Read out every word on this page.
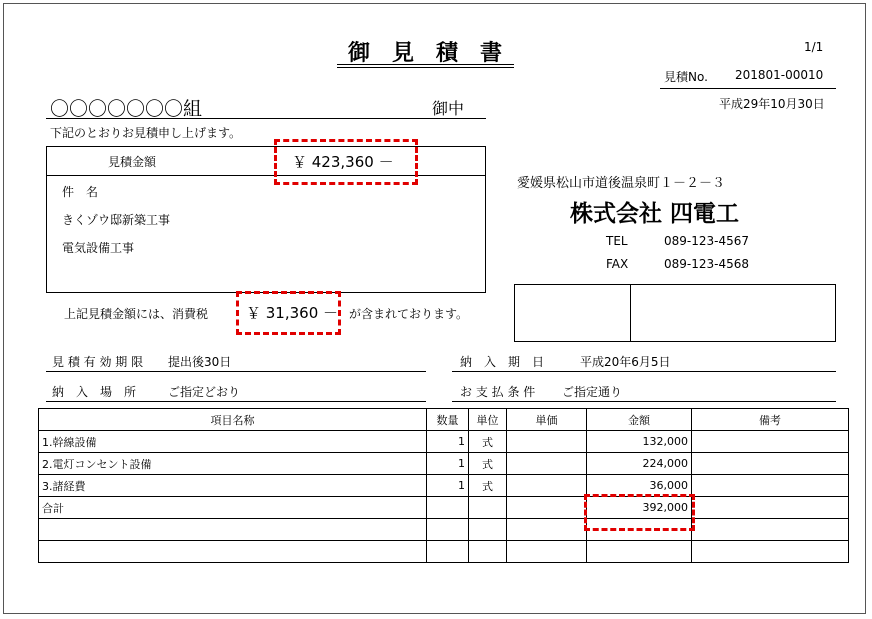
御見積書	1/1
見積No. 201801-00010
平成29年10月30日
〇〇〇〇〇〇〇組	御中
下記のとおりお見積申し上げます。
見積金額	￥ 423,360 －
件　名
きくゾウ邸新築工事
電気設備工事
上記見積金額には、消費税	￥ 31,360 － が含まれております。
愛媛県松山市道後温泉町１－２－３
株式会社 四電工
TEL	089-123-4567
FAX	089-123-4568
見 積 有 効 期 限 提出後30日	納　入　期　日	平成20年6月5日
納　入　場　所	ご指定どおり	お 支 払 条 件 ご指定通り
項目名称	数量	単位	単価	金額	備考
1.幹線設備	1	式		132,000	
2.電灯コンセント設備	1	式		224,000	
3.諸経費	1	式		36,000	
合計				392,000	
